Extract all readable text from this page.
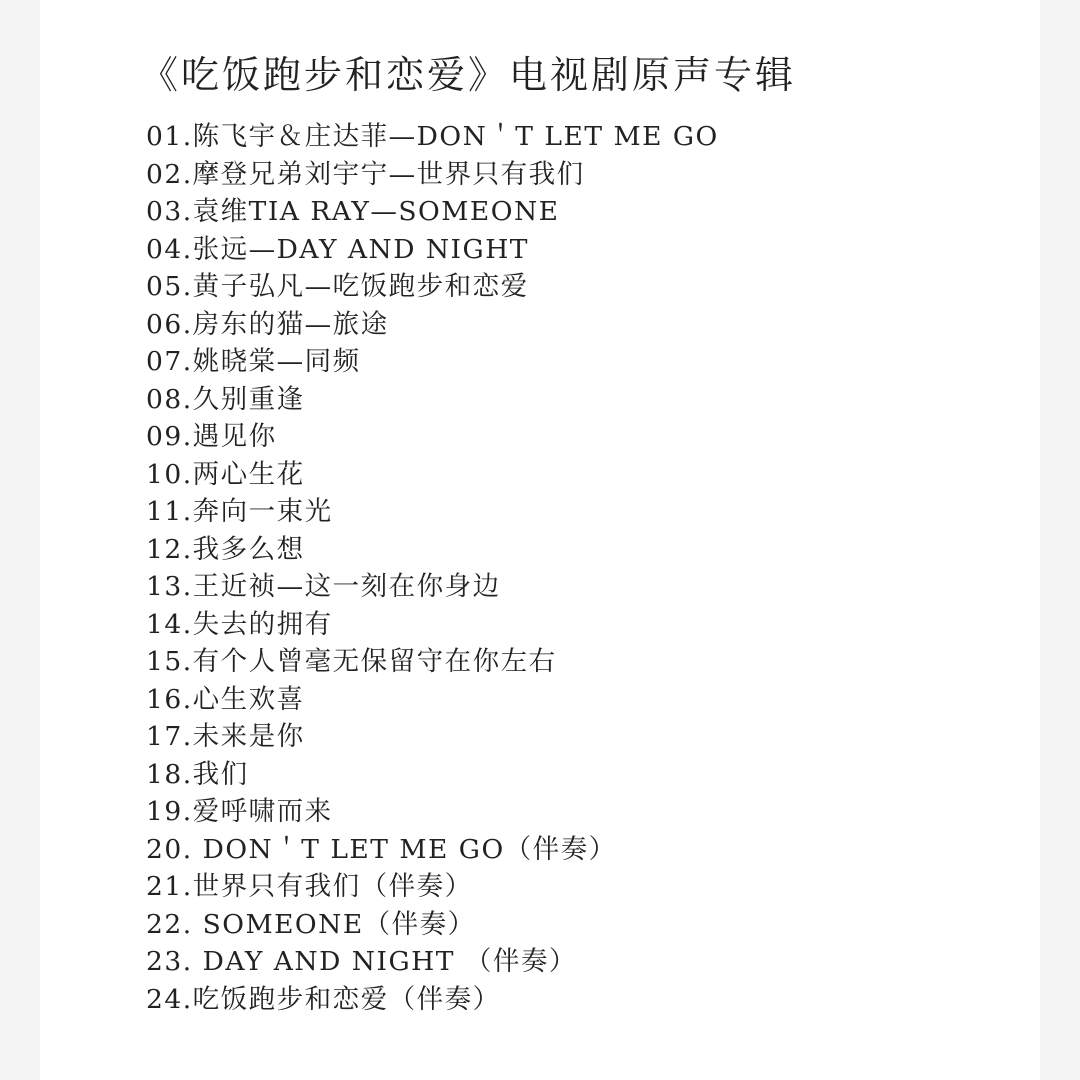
《吃饭跑步和恋爱》电视剧原声专辑
01.陈飞宇＆庄达菲—DON＇T LET ME GO
02.摩登兄弟刘宇宁—世界只有我们
03.袁维TIA RAY—SOMEONE
04.张远—DAY AND NIGHT
05.黄子弘凡—吃饭跑步和恋爱
06.房东的猫—旅途
07.姚晓棠—同频
08.久别重逢
09.遇见你
10.两心生花
11.奔向一束光
12.我多么想
13.王近祯—这一刻在你身边
14.失去的拥有
15.有个人曾毫无保留守在你左右
16.心生欢喜
17.未来是你
18.我们
19.爱呼啸而来
20. DON＇T LET ME GO（伴奏）
21.世界只有我们（伴奏）
22. SOMEONE（伴奏）
23. DAY AND NIGHT （伴奏）
24.吃饭跑步和恋爱（伴奏）
